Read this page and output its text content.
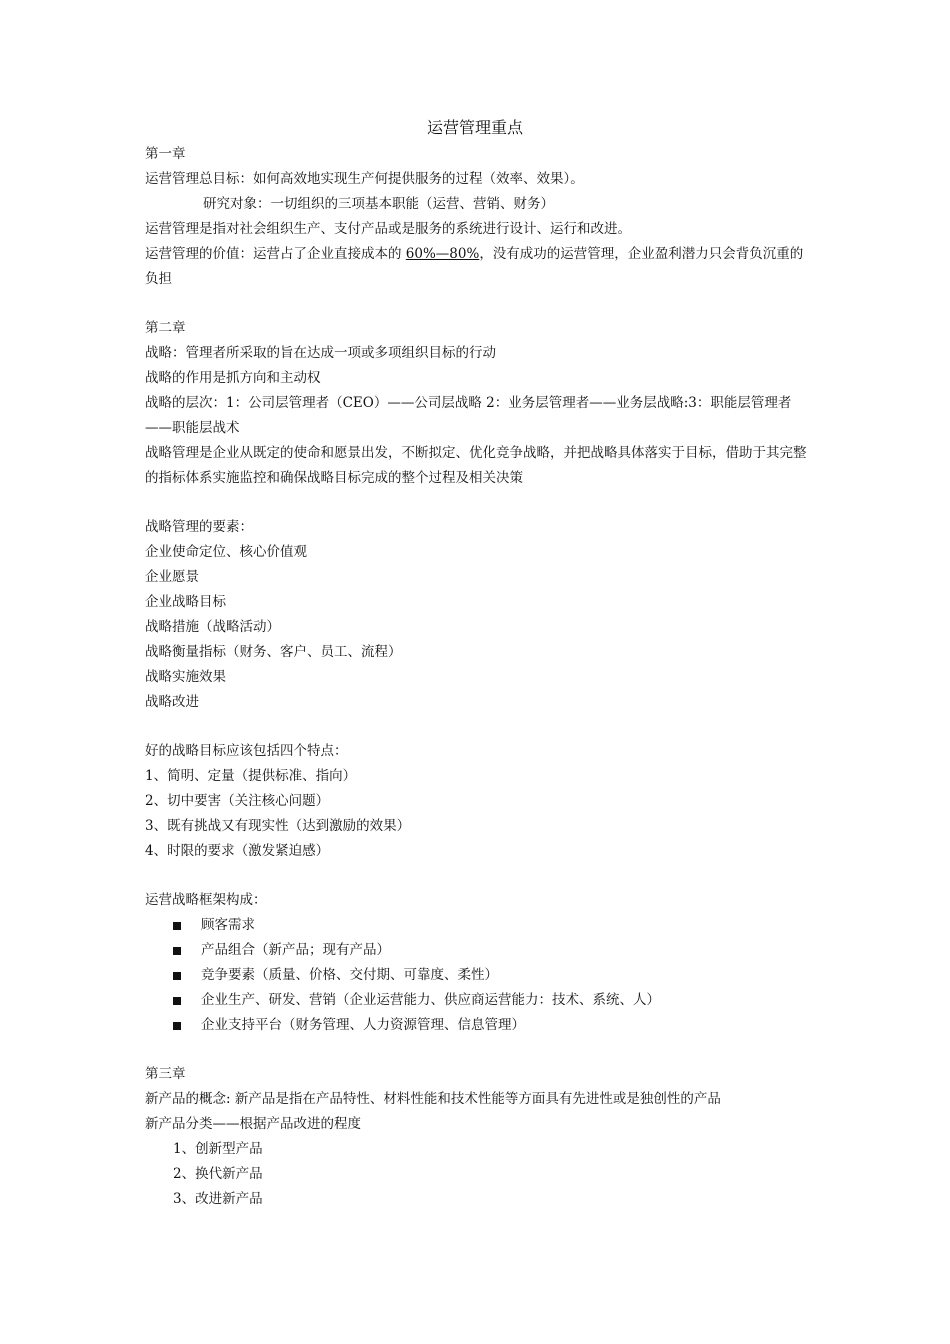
运营管理重点
第一章
运营管理总目标：如何高效地实现生产何提供服务的过程（效率、效果）。
研究对象：一切组织的三项基本职能（运营、营销、财务）
运营管理是指对社会组织生产、支付产品或是服务的系统进行设计、运行和改进。
运营管理的价值：运营占了企业直接成本的 60%—80%，没有成功的运营管理，企业盈利潜力只会背负沉重的负担
第二章
战略：管理者所采取的旨在达成一项或多项组织目标的行动
战略的作用是抓方向和主动权
战略的层次：1：公司层管理者（CEO）——公司层战略 2：业务层管理者——业务层战略:3：职能层管理者——职能层战术
战略管理是企业从既定的使命和愿景出发，不断拟定、优化竞争战略，并把战略具体落实于目标，借助于其完整的指标体系实施监控和确保战略目标完成的整个过程及相关决策
战略管理的要素：
企业使命定位、核心价值观
企业愿景
企业战略目标
战略措施（战略活动）
战略衡量指标（财务、客户、员工、流程）
战略实施效果
战略改进
好的战略目标应该包括四个特点：
1、简明、定量（提供标准、指向）
2、切中要害（关注核心问题）
3、既有挑战又有现实性（达到激励的效果）
4、时限的要求（激发紧迫感）
运营战略框架构成：
顾客需求
产品组合（新产品；现有产品）
竞争要素（质量、价格、交付期、可靠度、柔性）
企业生产、研发、营销（企业运营能力、供应商运营能力：技术、系统、人）
企业支持平台（财务管理、人力资源管理、信息管理）
第三章
新产品的概念: 新产品是指在产品特性、材料性能和技术性能等方面具有先进性或是独创性的产品
新产品分类——根据产品改进的程度
1、创新型产品
2、换代新产品
3、改进新产品
